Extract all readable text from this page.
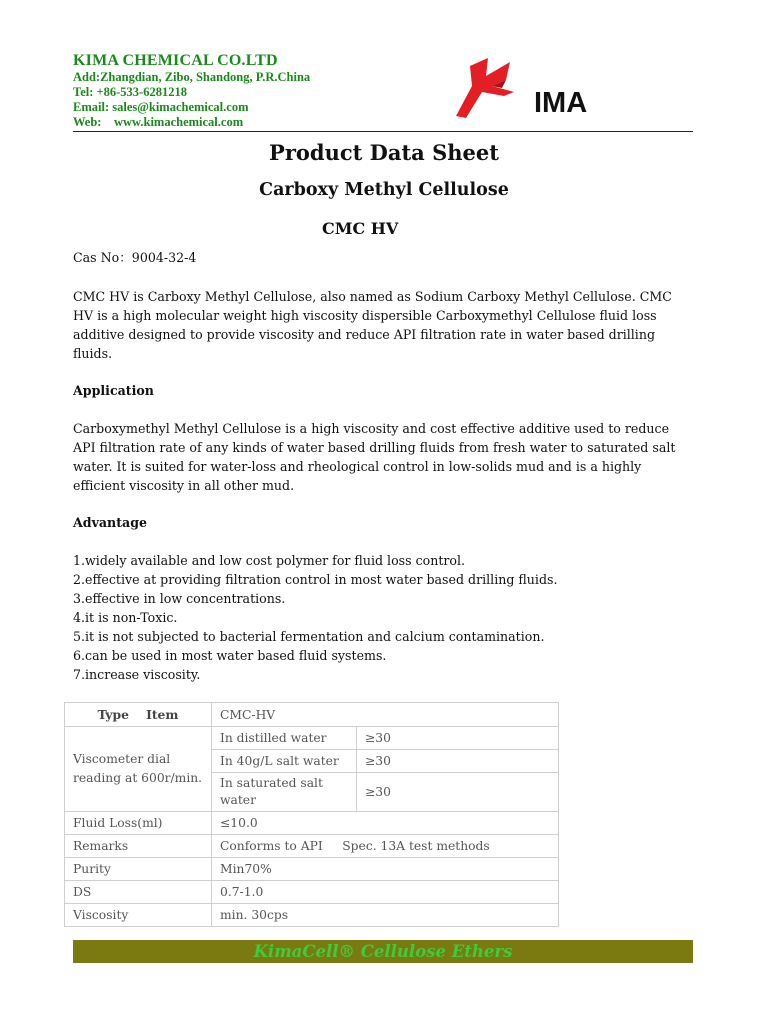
KIMA CHEMICAL CO.LTD
Add:Zhangdian, Zibo, Shandong, P.R.China
Tel: +86-533-6281218
Email: sales@kimachemical.com
Web:    www.kimachemical.com
IMA
Product Data Sheet
Carboxy Methyl Cellulose
CMC HV
Cas No：9004-32-4
CMC HV is Carboxy Methyl Cellulose, also named as Sodium Carboxy Methyl Cellulose. CMC HV is a high molecular weight high viscosity dispersible Carboxymethyl Cellulose fluid loss additive designed to provide viscosity and reduce API filtration rate in water based drilling fluids.
Application
Carboxymethyl Methyl Cellulose is a high viscosity and cost effective additive used to reduce API filtration rate of any kinds of water based drilling fluids from fresh water to saturated salt water. It is suited for water-loss and rheological control in low-solids mud and is a highly efficient viscosity in all other mud.
Advantage
1.widely available and low cost polymer for fluid loss control.
2.effective at providing filtration control in most water based drilling fluids.
3.effective in low concentrations.
4.it is non-Toxic.
5.it is not subjected to bacterial fermentation and calcium contamination.
6.can be used in most water based fluid systems.
7.increase viscosity.
Type    Item	CMC-HV	
Viscometer dial reading at 600r/min.	In distilled water	≥30
	In 40g/L salt water	≥30
	In saturated salt water	≥30
Fluid Loss(ml)	≤10.0	
Remarks	Conforms to API     Spec. 13A test methods	
Purity	Min70%	
DS	0.7-1.0	
Viscosity	min. 30cps	
KimaCell® Cellulose Ethers
